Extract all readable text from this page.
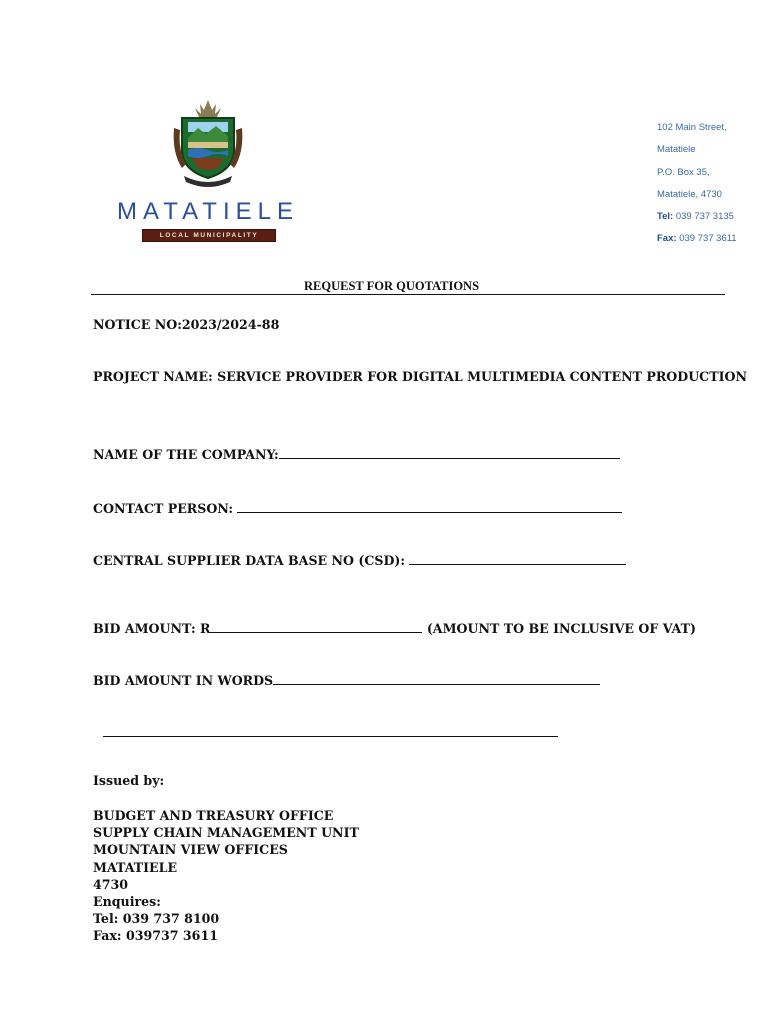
MATATIELE
LOCAL MUNICIPALITY
102 Main Street,
Matatiele
P.O. Box 35,
Matatiele, 4730
Tel: 039 737 3135
Fax: 039 737 3611
REQUEST FOR QUOTATIONS
NOTICE NO:2023/2024-88
PROJECT NAME: SERVICE PROVIDER FOR DIGITAL MULTIMEDIA CONTENT PRODUCTION
NAME OF THE COMPANY:
CONTACT PERSON:
CENTRAL SUPPLIER DATA BASE NO (CSD):
BID AMOUNT: R	(AMOUNT TO BE INCLUSIVE OF VAT)
BID AMOUNT IN WORDS
Issued by:
BUDGET AND TREASURY OFFICE
SUPPLY CHAIN MANAGEMENT UNIT
MOUNTAIN VIEW OFFICES
MATATIELE
4730
Enquires:
Tel: 039 737 8100
Fax: 039737 3611
